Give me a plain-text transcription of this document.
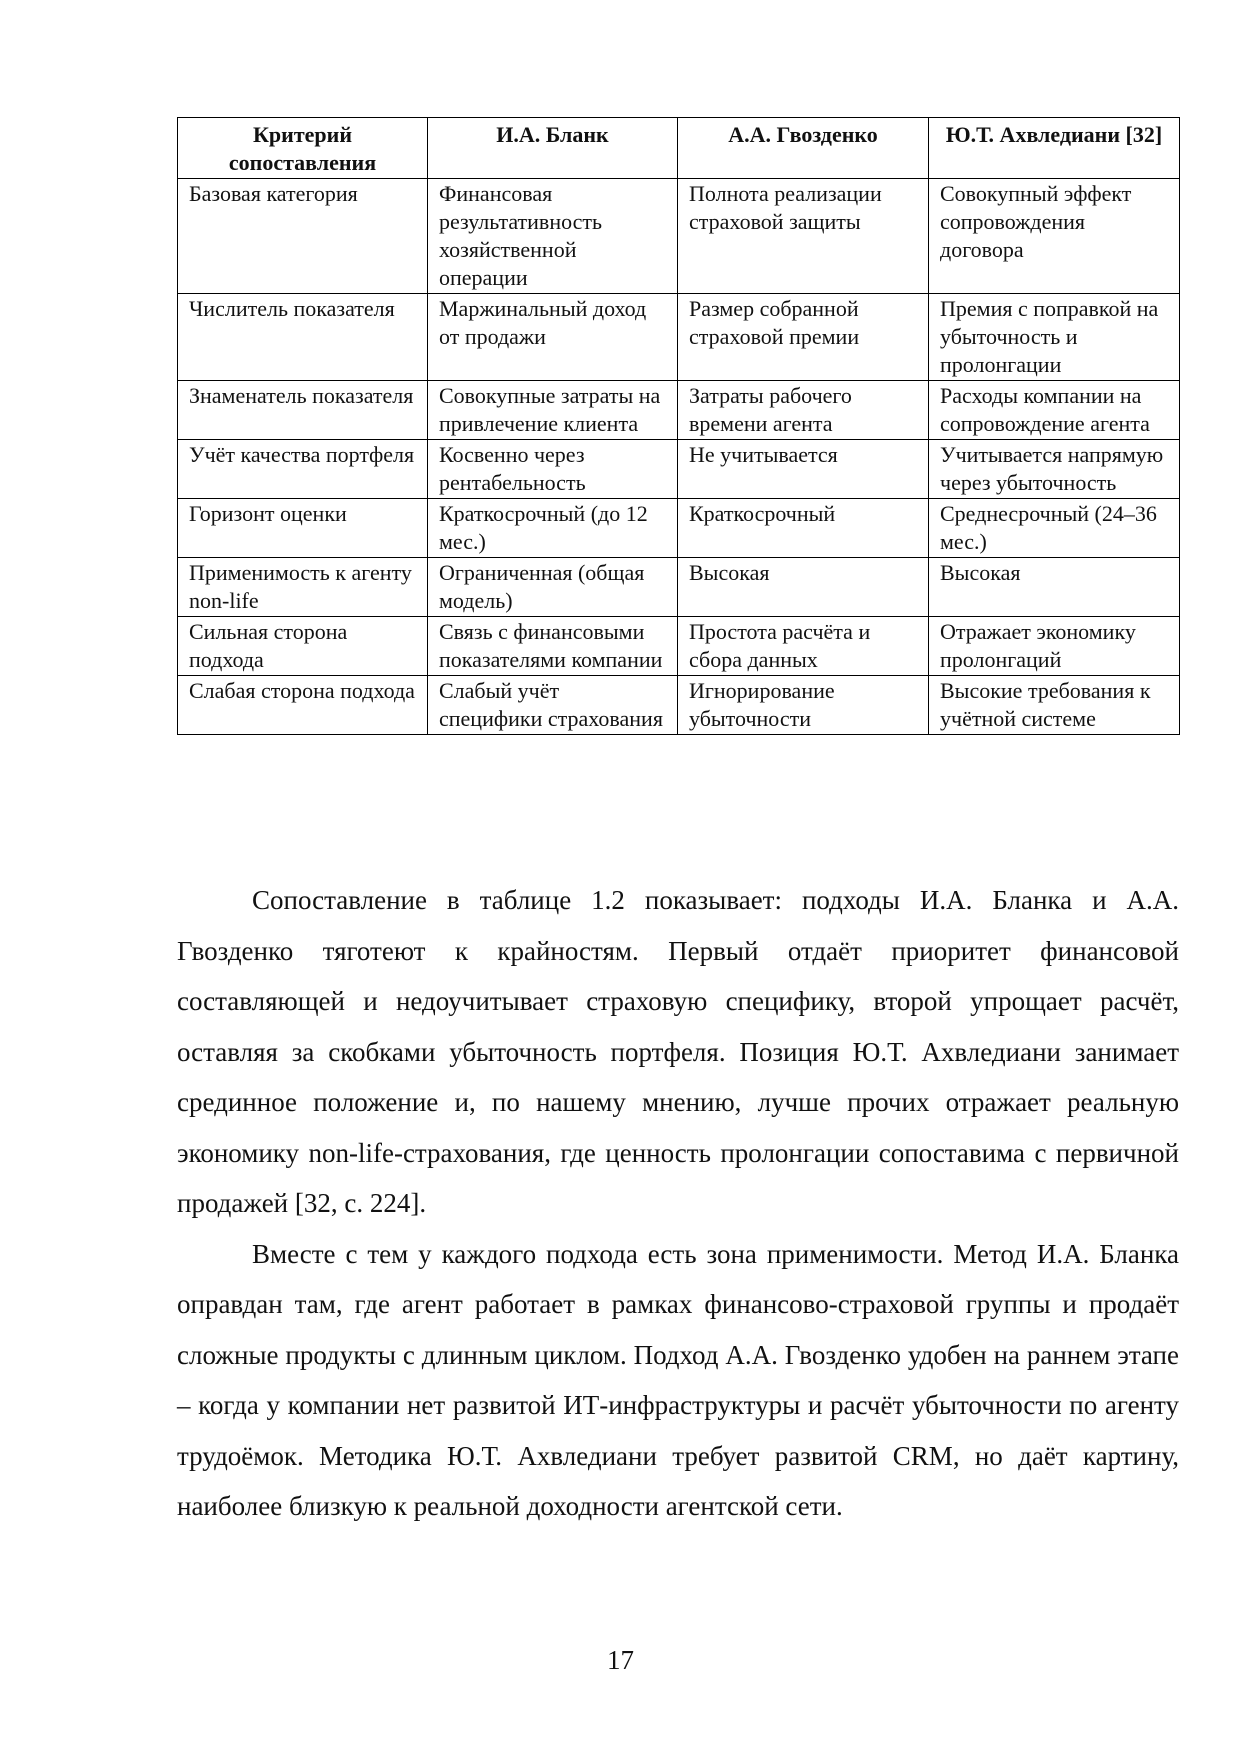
Критерий сопоставления	И.А. Бланк	А.А. Гвозденко	Ю.Т. Ахвледиани [32]
Базовая категория	Финансовая результативность хозяйственной операции	Полнота реализации страховой защиты	Совокупный эффект сопровождения договора
Числитель показателя	Маржинальный доход от продажи	Размер собранной страховой премии	Премия с поправкой на убыточность и пролонгации
Знаменатель показателя	Совокупные затраты на привлечение клиента	Затраты рабочего времени агента	Расходы компании на сопровождение агента
Учёт качества портфеля	Косвенно через рентабельность	Не учитывается	Учитывается напрямую через убыточность
Горизонт оценки	Краткосрочный (до 12 мес.)	Краткосрочный	Среднесрочный (24–36 мес.)
Применимость к агенту non-life	Ограниченная (общая модель)	Высокая	Высокая
Сильная сторона подхода	Связь с финансовыми показателями компании	Простота расчёта и сбора данных	Отражает экономику пролонгаций
Слабая сторона подхода	Слабый учёт специфики страхования	Игнорирование убыточности	Высокие требования к учётной системе

Сопоставление в таблице 1.2 показывает: подходы И.А. Бланка и А.А. Гвозденко тяготеют к крайностям. Первый отдаёт приоритет финансовой составляющей и недоучитывает страховую специфику, второй упрощает расчёт, оставляя за скобками убыточность портфеля. Позиция Ю.Т. Ахвледиани занимает срединное положение и, по нашему мнению, лучше прочих отражает реальную экономику non-life-страхования, где ценность пролонгации сопоставима с первичной продажей [32, с. 224].

Вместе с тем у каждого подхода есть зона применимости. Метод И.А. Бланка оправдан там, где агент работает в рамках финансово-страховой группы и продаёт сложные продукты с длинным циклом. Подход А.А. Гвозденко удобен на раннем этапе – когда у компании нет развитой ИТ-инфраструктуры и расчёт убыточности по агенту трудоёмок. Методика Ю.Т. Ахвледиани требует развитой CRM, но даёт картину, наиболее близкую к реальной доходности агентской сети.

17
